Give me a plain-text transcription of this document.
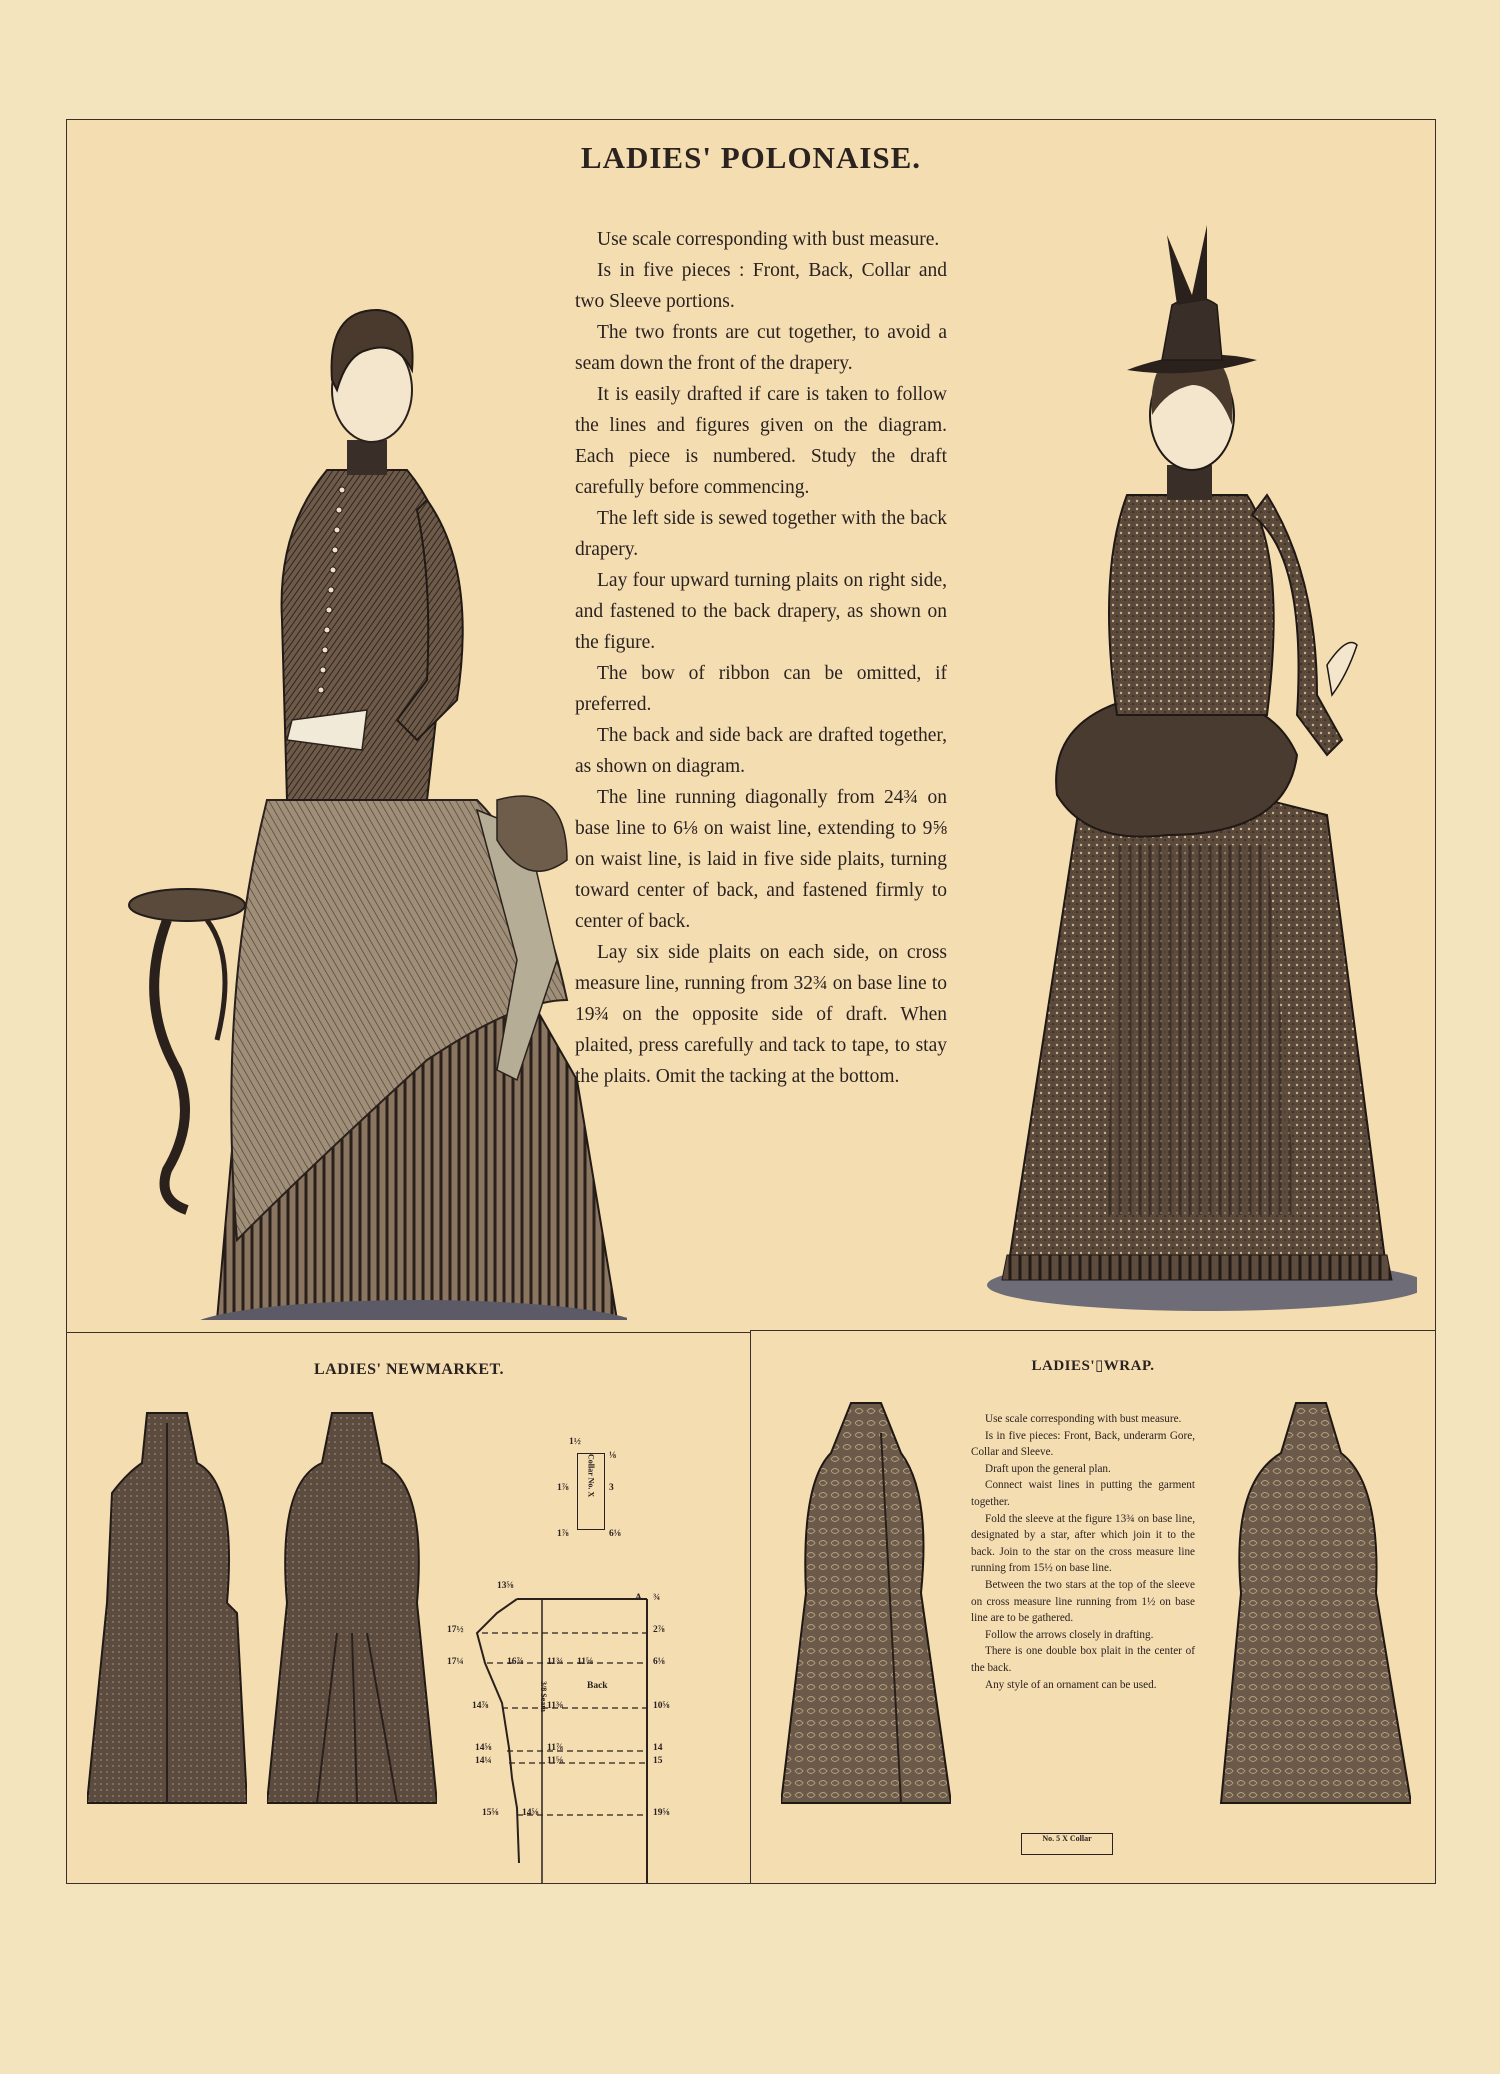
LADIES' POLONAISE.

Use scale corresponding with bust measure.

Is in five pieces : Front, Back, Collar and two Sleeve portions.

The two fronts are cut together, to avoid a seam down the front of the drapery.

It is easily drafted if care is taken to follow the lines and figures given on the diagram. Each piece is numbered. Study the draft carefully before commencing.

The left side is sewed together with the back drapery.

Lay four upward turning plaits on right side, and fastened to the back drapery, as shown on the figure.

The bow of ribbon can be omitted, if preferred.

The back and side back are drafted together, as shown on diagram.

The line running diagonally from 24¾ on base line to 6⅛ on waist line, extending to 9⅝ on waist line, is laid in five side plaits, turning toward center of back, and fastened firmly to center of back.

Lay six side plaits on each side, on cross measure line, running from 32¾ on base line to 19¾ on the opposite side of draft. When plaited, press carefully and tack to tape, to stay the plaits. Omit the tacking at the bottom.

LADIES' NEWMARKET.
Collar No. X
1½
⅛
1⅞	3
1⅞	6⅛
13⅝
17½
17¼
14⅞
14⅝
14¼
15⅝
16⅞ 11¾ 11⅝
11⅜
11⅞
11⅝
14⅝
¾
2⅞
6⅛
10⅝
14
15
19⅝
A
Back
3/8 Seam
LADIES'▯WRAP.

Use scale corresponding with bust measure.

Is in five pieces: Front, Back, underarm Gore, Collar and Sleeve.

Draft upon the general plan.

Connect waist lines in putting the garment together.

Fold the sleeve at the figure 13¾ on base line, designated by a star, after which join it to the back. Join to the star on the cross measure line running from 15½ on base line.

Between the two stars at the top of the sleeve on cross measure line running from 1½ on base line are to be gathered.

Follow the arrows closely in drafting.

There is one double box plait in the center of the back.

Any style of an ornament can be used.

No. 5 X Collar
